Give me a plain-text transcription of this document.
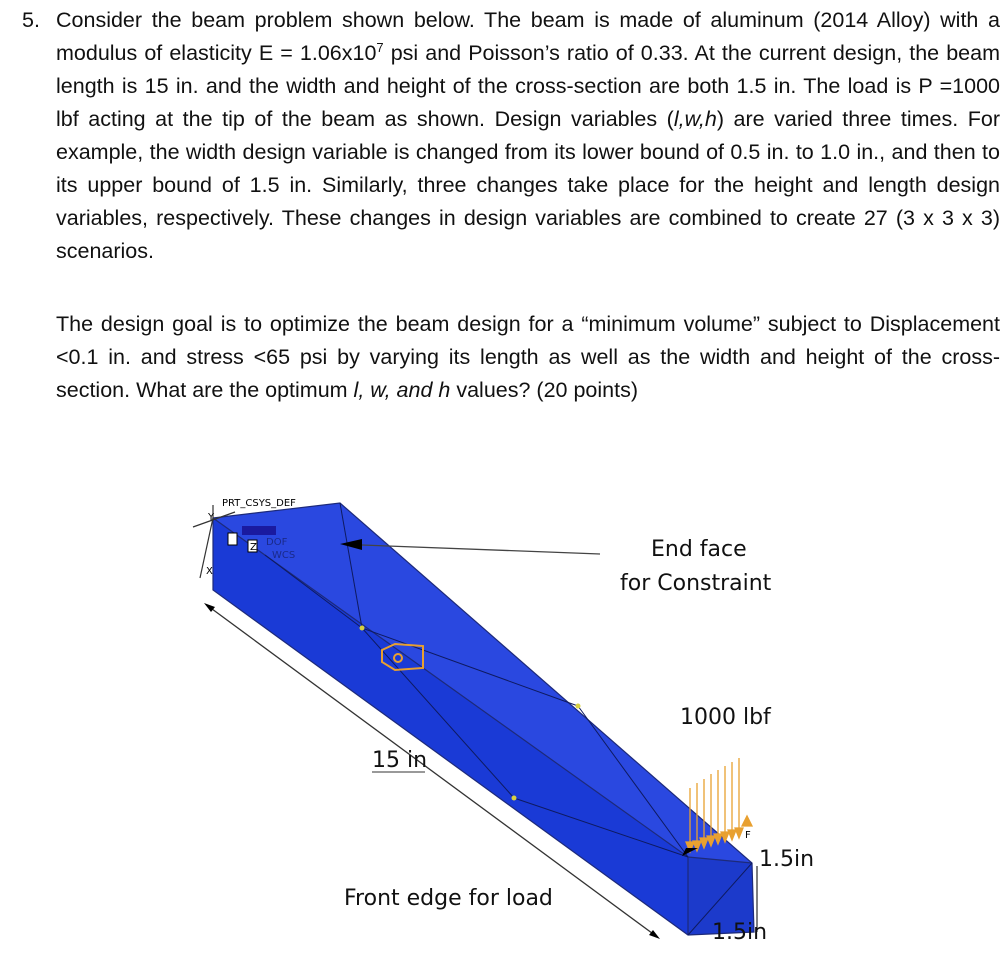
5. Consider the beam problem shown below. The beam is made of aluminum (2014 Alloy) with a modulus of elasticity $E = 1.06x10^7$ psi and Poisson’s ratio of 0.33. At the current design, the beam length is 15 in. and the width and height of the cross-section are both 1.5 in. The load is P =1000 lbf acting at the tip of the beam as shown. Design variables (l,w,h) are varied three times. For example, the width design variable is changed from its lower bound of 0.5 in. to 1.0 in., and then to its upper bound of 1.5 in. Similarly, three changes take place for the height and length design variables, respectively. These changes in design variables are combined to create 27 (3 x 3 x 3) scenarios.
The design goal is to optimize the beam design for a “minimum volume” subject to Displacement <0.1 in. and stress <65 psi by varying its length as well as the width and height of the cross-section. What are the optimum l, w, and h values? (20 points)
PRT_CSYS_DEF
Y
X
Z DOF
WCS
F
End face
for Constraint
1000 lbf
15 in
Front edge for load
1.5in
1.5in
